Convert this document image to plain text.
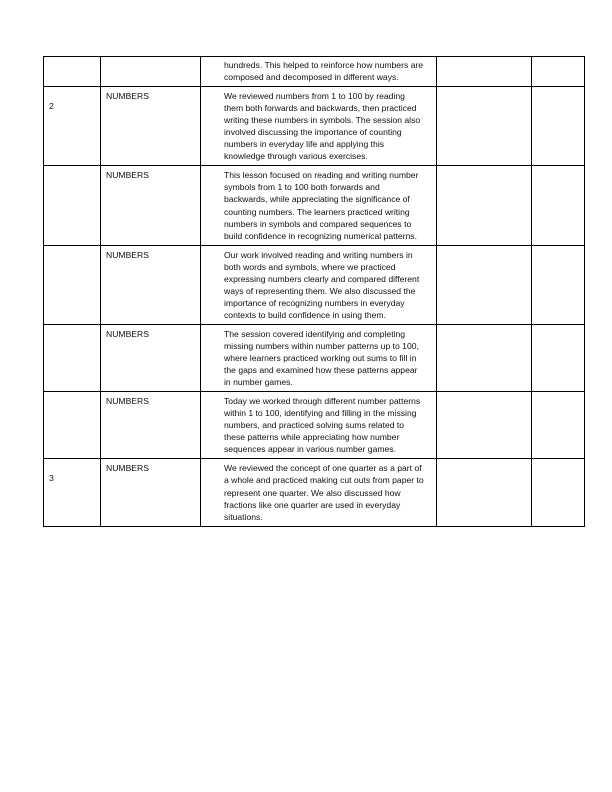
		hundreds. This helped to reinforce how numbers are composed and decomposed in different ways.		

2	NUMBERS	We reviewed numbers from 1 to 100 by reading them both forwards and backwards, then practiced writing these numbers in symbols. The session also involved discussing the importance of counting numbers in everyday life and applying this knowledge through various exercises.		

	NUMBERS	This lesson focused on reading and writing number symbols from 1 to 100 both forwards and backwards, while appreciating the significance of counting numbers. The learners practiced writing numbers in symbols and compared sequences to build confidence in recognizing numerical patterns.		

	NUMBERS	Our work involved reading and writing numbers in both words and symbols, where we practiced expressing numbers clearly and compared different ways of representing them. We also discussed the importance of recognizing numbers in everyday contexts to build confidence in using them.		

	NUMBERS	The session covered identifying and completing missing numbers within number patterns up to 100, where learners practiced working out sums to fill in the gaps and examined how these patterns appear in number games.		

	NUMBERS	Today we worked through different number patterns within 1 to 100, identifying and filling in the missing numbers, and practiced solving sums related to these patterns while appreciating how number sequences appear in various number games.		

3	NUMBERS	We reviewed the concept of one quarter as a part of a whole and practiced making cut outs from paper to represent one quarter. We also discussed how fractions like one quarter are used in everyday situations.		
